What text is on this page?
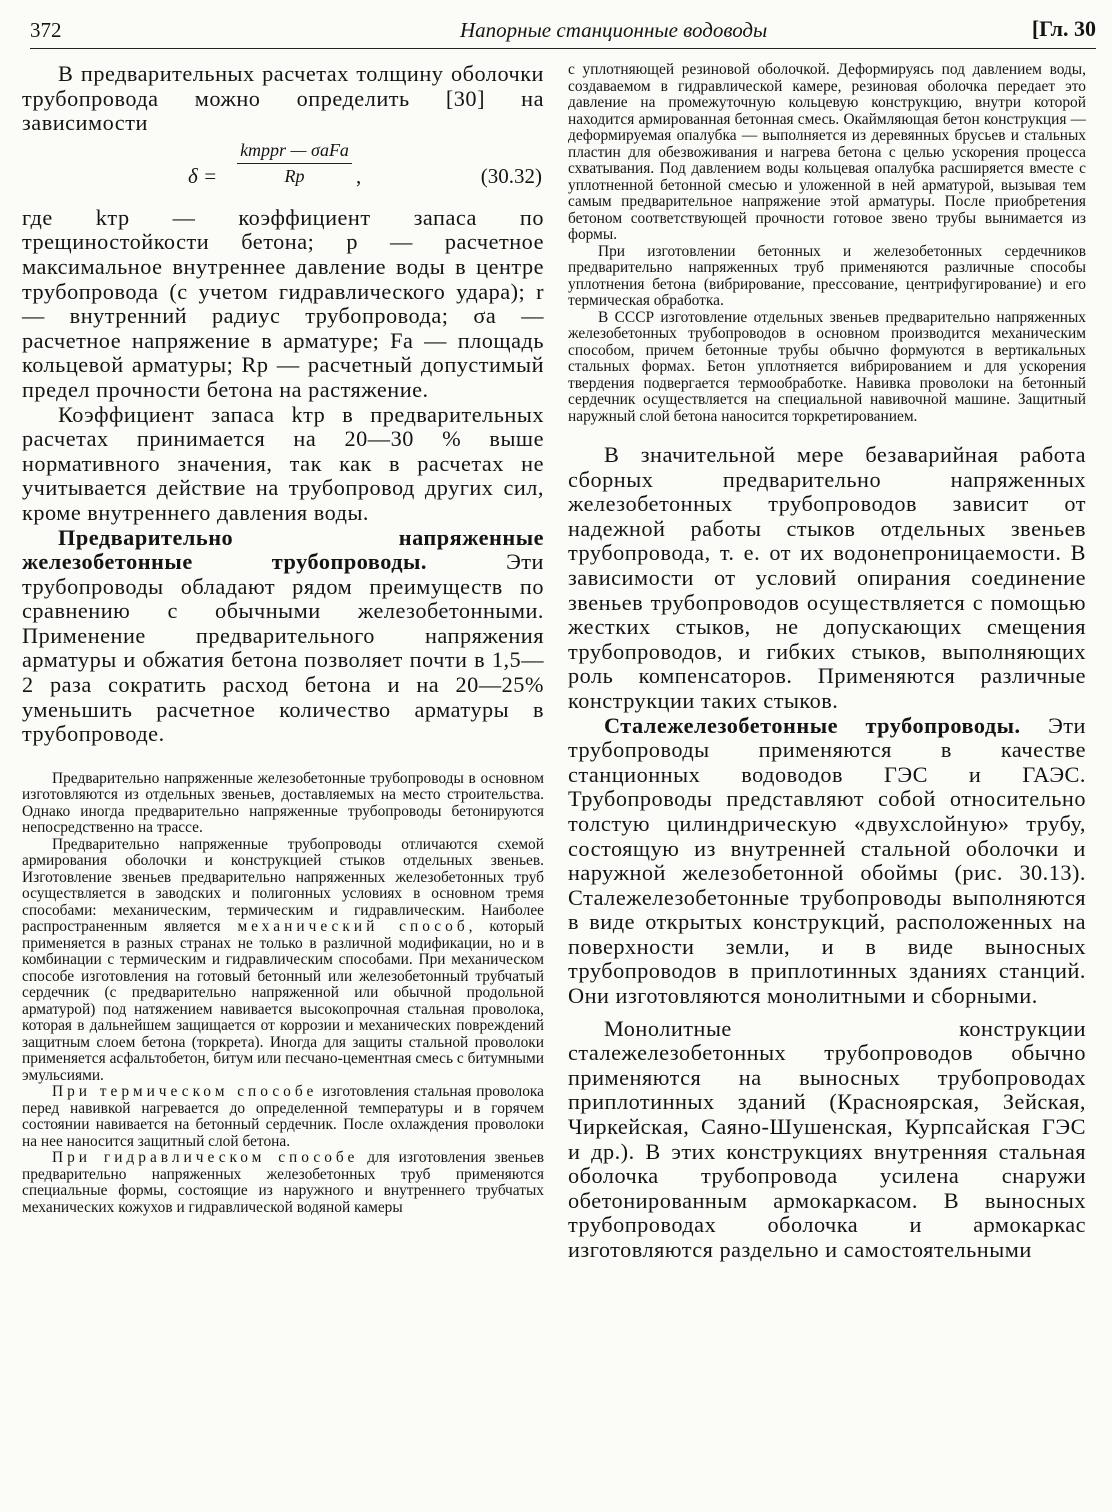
372	Напорные станционные водоводы	[Гл. 30

В предварительных расчетах толщину оболочки трубопровода можно определить [30] на зависимости

δ =
kтрpr — σaFa
Rp	,	(30.32)

где kтр — коэффициент запаса по трещиностойкости бетона; p — расчетное максимальное внутреннее давление воды в центре трубопровода (с учетом гидравлического удара); r — внутренний радиус трубопровода; σa — расчетное напряжение в арматуре; Fa — площадь кольцевой арматуры; Rp — расчетный допустимый предел прочности бетона на растяжение.

Коэффициент запаса kтр в предварительных расчетах принимается на 20—30 % выше нормативного значения, так как в расчетах не учитывается действие на трубопровод других сил, кроме внутреннего давления воды.

Предварительно напряженные железобетонные трубопроводы. Эти трубопроводы обладают рядом преимуществ по сравнению с обычными железобетонными. Применение предварительного напряжения арматуры и обжатия бетона позволяет почти в 1,5—2 раза сократить расход бетона и на 20—25% уменьшить расчетное количество арматуры в трубопроводе.

Предварительно напряженные железобетонные трубопроводы в основном изготовляются из отдельных звеньев, доставляемых на место строительства. Однако иногда предварительно напряженные трубопроводы бетонируются непосредственно на трассе.

Предварительно напряженные трубопроводы отличаются схемой армирования оболочки и конструкцией стыков отдельных звеньев. Изготовление звеньев предварительно напряженных железобетонных труб осуществляется в заводских и полигонных условиях в основном тремя способами: механическим, термическим и гидравлическим. Наиболее распространенным является механический способ, который применяется в разных странах не только в различной модификации, но и в комбинации с термическим и гидравлическим способами. При механическом способе изготовления на готовый бетонный или железобетонный трубчатый сердечник (с предварительно напряженной или обычной продольной арматурой) под натяжением навивается высокопрочная стальная проволока, которая в дальнейшем защищается от коррозии и механических повреждений защитным слоем бетона (торкрета). Иногда для защиты стальной проволоки применяется асфальтобетон, битум или песчано-цементная смесь с битумными эмульсиями.

При термическом способе изготовления стальная проволока перед навивкой нагревается до определенной температуры и в горячем состоянии навивается на бетонный сердечник. После охлаждения проволоки на нее наносится защитный слой бетона.

При гидравлическом способе для изготовления звеньев предварительно напряженных железобетонных труб применяются специальные формы, состоящие из наружного и внутреннего трубчатых механических кожухов и гидравлической водяной камеры

с уплотняющей резиновой оболочкой. Деформируясь под давлением воды, создаваемом в гидравлической камере, резиновая оболочка передает это давление на промежуточную кольцевую конструкцию, внутри которой находится армированная бетонная смесь. Окаймляющая бетон конструкция — деформируемая опалубка — выполняется из деревянных брусьев и стальных пластин для обезвоживания и нагрева бетона с целью ускорения процесса схватывания. Под давлением воды кольцевая опалубка расширяется вместе с уплотненной бетонной смесью и уложенной в ней арматурой, вызывая тем самым предварительное напряжение этой арматуры. После приобретения бетоном соответствующей прочности готовое звено трубы вынимается из формы.

При изготовлении бетонных и железобетонных сердечников предварительно напряженных труб применяются различные способы уплотнения бетона (вибрирование, прессование, центрифугирование) и его термическая обработка.

В СССР изготовление отдельных звеньев предварительно напряженных железобетонных трубопроводов в основном производится механическим способом, причем бетонные трубы обычно формуются в вертикальных стальных формах. Бетон уплотняется вибрированием и для ускорения твердения подвергается термообработке. Навивка проволоки на бетонный сердечник осуществляется на специальной навивочной машине. Защитный наружный слой бетона наносится торкретированием.

В значительной мере безаварийная работа сборных предварительно напряженных железобетонных трубопроводов зависит от надежной работы стыков отдельных звеньев трубопровода, т. е. от их водонепроницаемости. В зависимости от условий опирания соединение звеньев трубопроводов осуществляется с помощью жестких стыков, не допускающих смещения трубопроводов, и гибких стыков, выполняющих роль компенсаторов. Применяются различные конструкции таких стыков.

Сталежелезобетонные трубопроводы. Эти трубопроводы применяются в качестве станционных водоводов ГЭС и ГАЭС. Трубопроводы представляют собой относительно толстую цилиндрическую «двухслойную» трубу, состоящую из внутренней стальной оболочки и наружной железобетонной обоймы (рис. 30.13). Сталежелезобетонные трубопроводы выполняются в виде открытых конструкций, расположенных на поверхности земли, и в виде выносных трубопроводов в приплотинных зданиях станций. Они изготовляются монолитными и сборными.

Монолитные конструкции сталежелезобетонных трубопроводов обычно применяются на выносных трубопроводах приплотинных зданий (Красноярская, Зейская, Чиркейская, Саяно-Шушенская, Курпсайская ГЭС и др.). В этих конструкциях внутренняя стальная оболочка трубопровода усилена снаружи обетонированным армокаркасом. В выносных трубопроводах оболочка и армокаркас изготовляются раздельно и самостоятельными
